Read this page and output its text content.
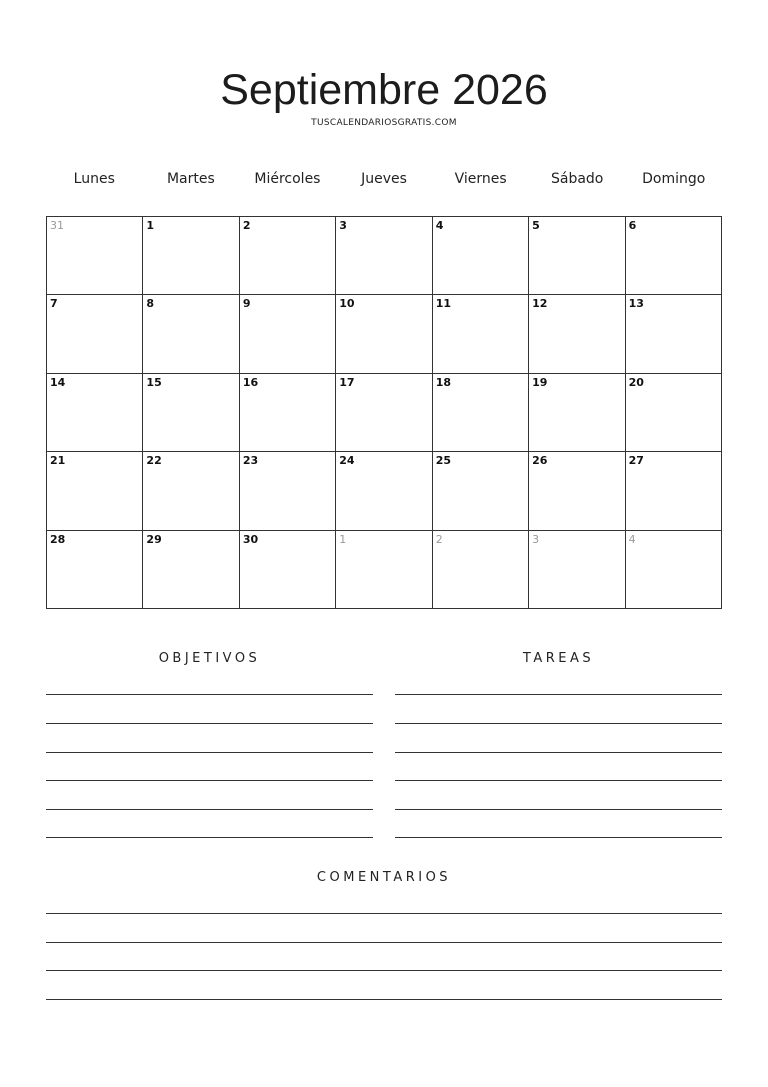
Septiembre 2026
TUSCALENDARIOSGRATIS.COM
Lunes	Martes	Miércoles	Jueves	Viernes	Sábado	Domingo
31	1	2	3	4	5	6
7	8	9	10	11	12	13
14	15	16	17	18	19	20
21	22	23	24	25	26	27
28	29	30	1	2	3	4
OBJETIVOS	TAREAS
COMENTARIOS
